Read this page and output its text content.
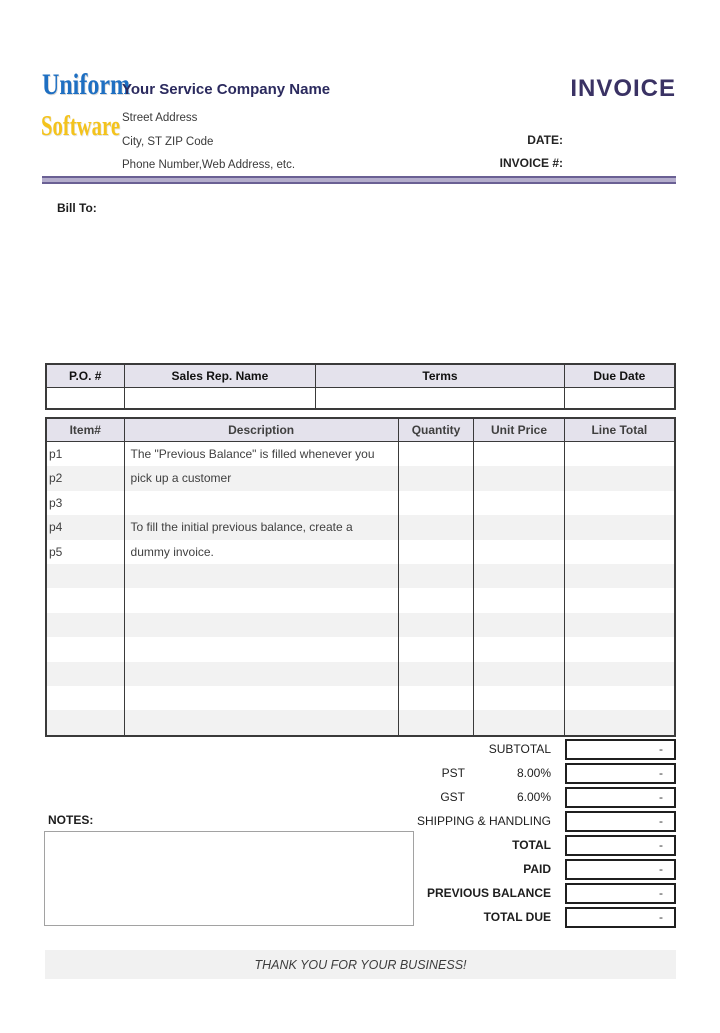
Uniform
Software
Your Service Company Name
Street Address
City, ST ZIP Code
Phone Number,Web Address, etc.
INVOICE
DATE:
INVOICE #:
Bill To:
P.O. #	Sales Rep. Name	Terms	Due Date
Item#	Description	Quantity	Unit Price	Line Total
p1	The "Previous Balance" is filled whenever you
p2	pick up a customer
p3
p4	To fill the initial previous balance, create a
p5	dummy invoice.
SUBTOTAL	-
PST	8.00%	-
GST	6.00%	-
SHIPPING & HANDLING	-
TOTAL	-
PAID	-
PREVIOUS BALANCE	-
TOTAL DUE	-
NOTES:
THANK YOU FOR YOUR BUSINESS!
